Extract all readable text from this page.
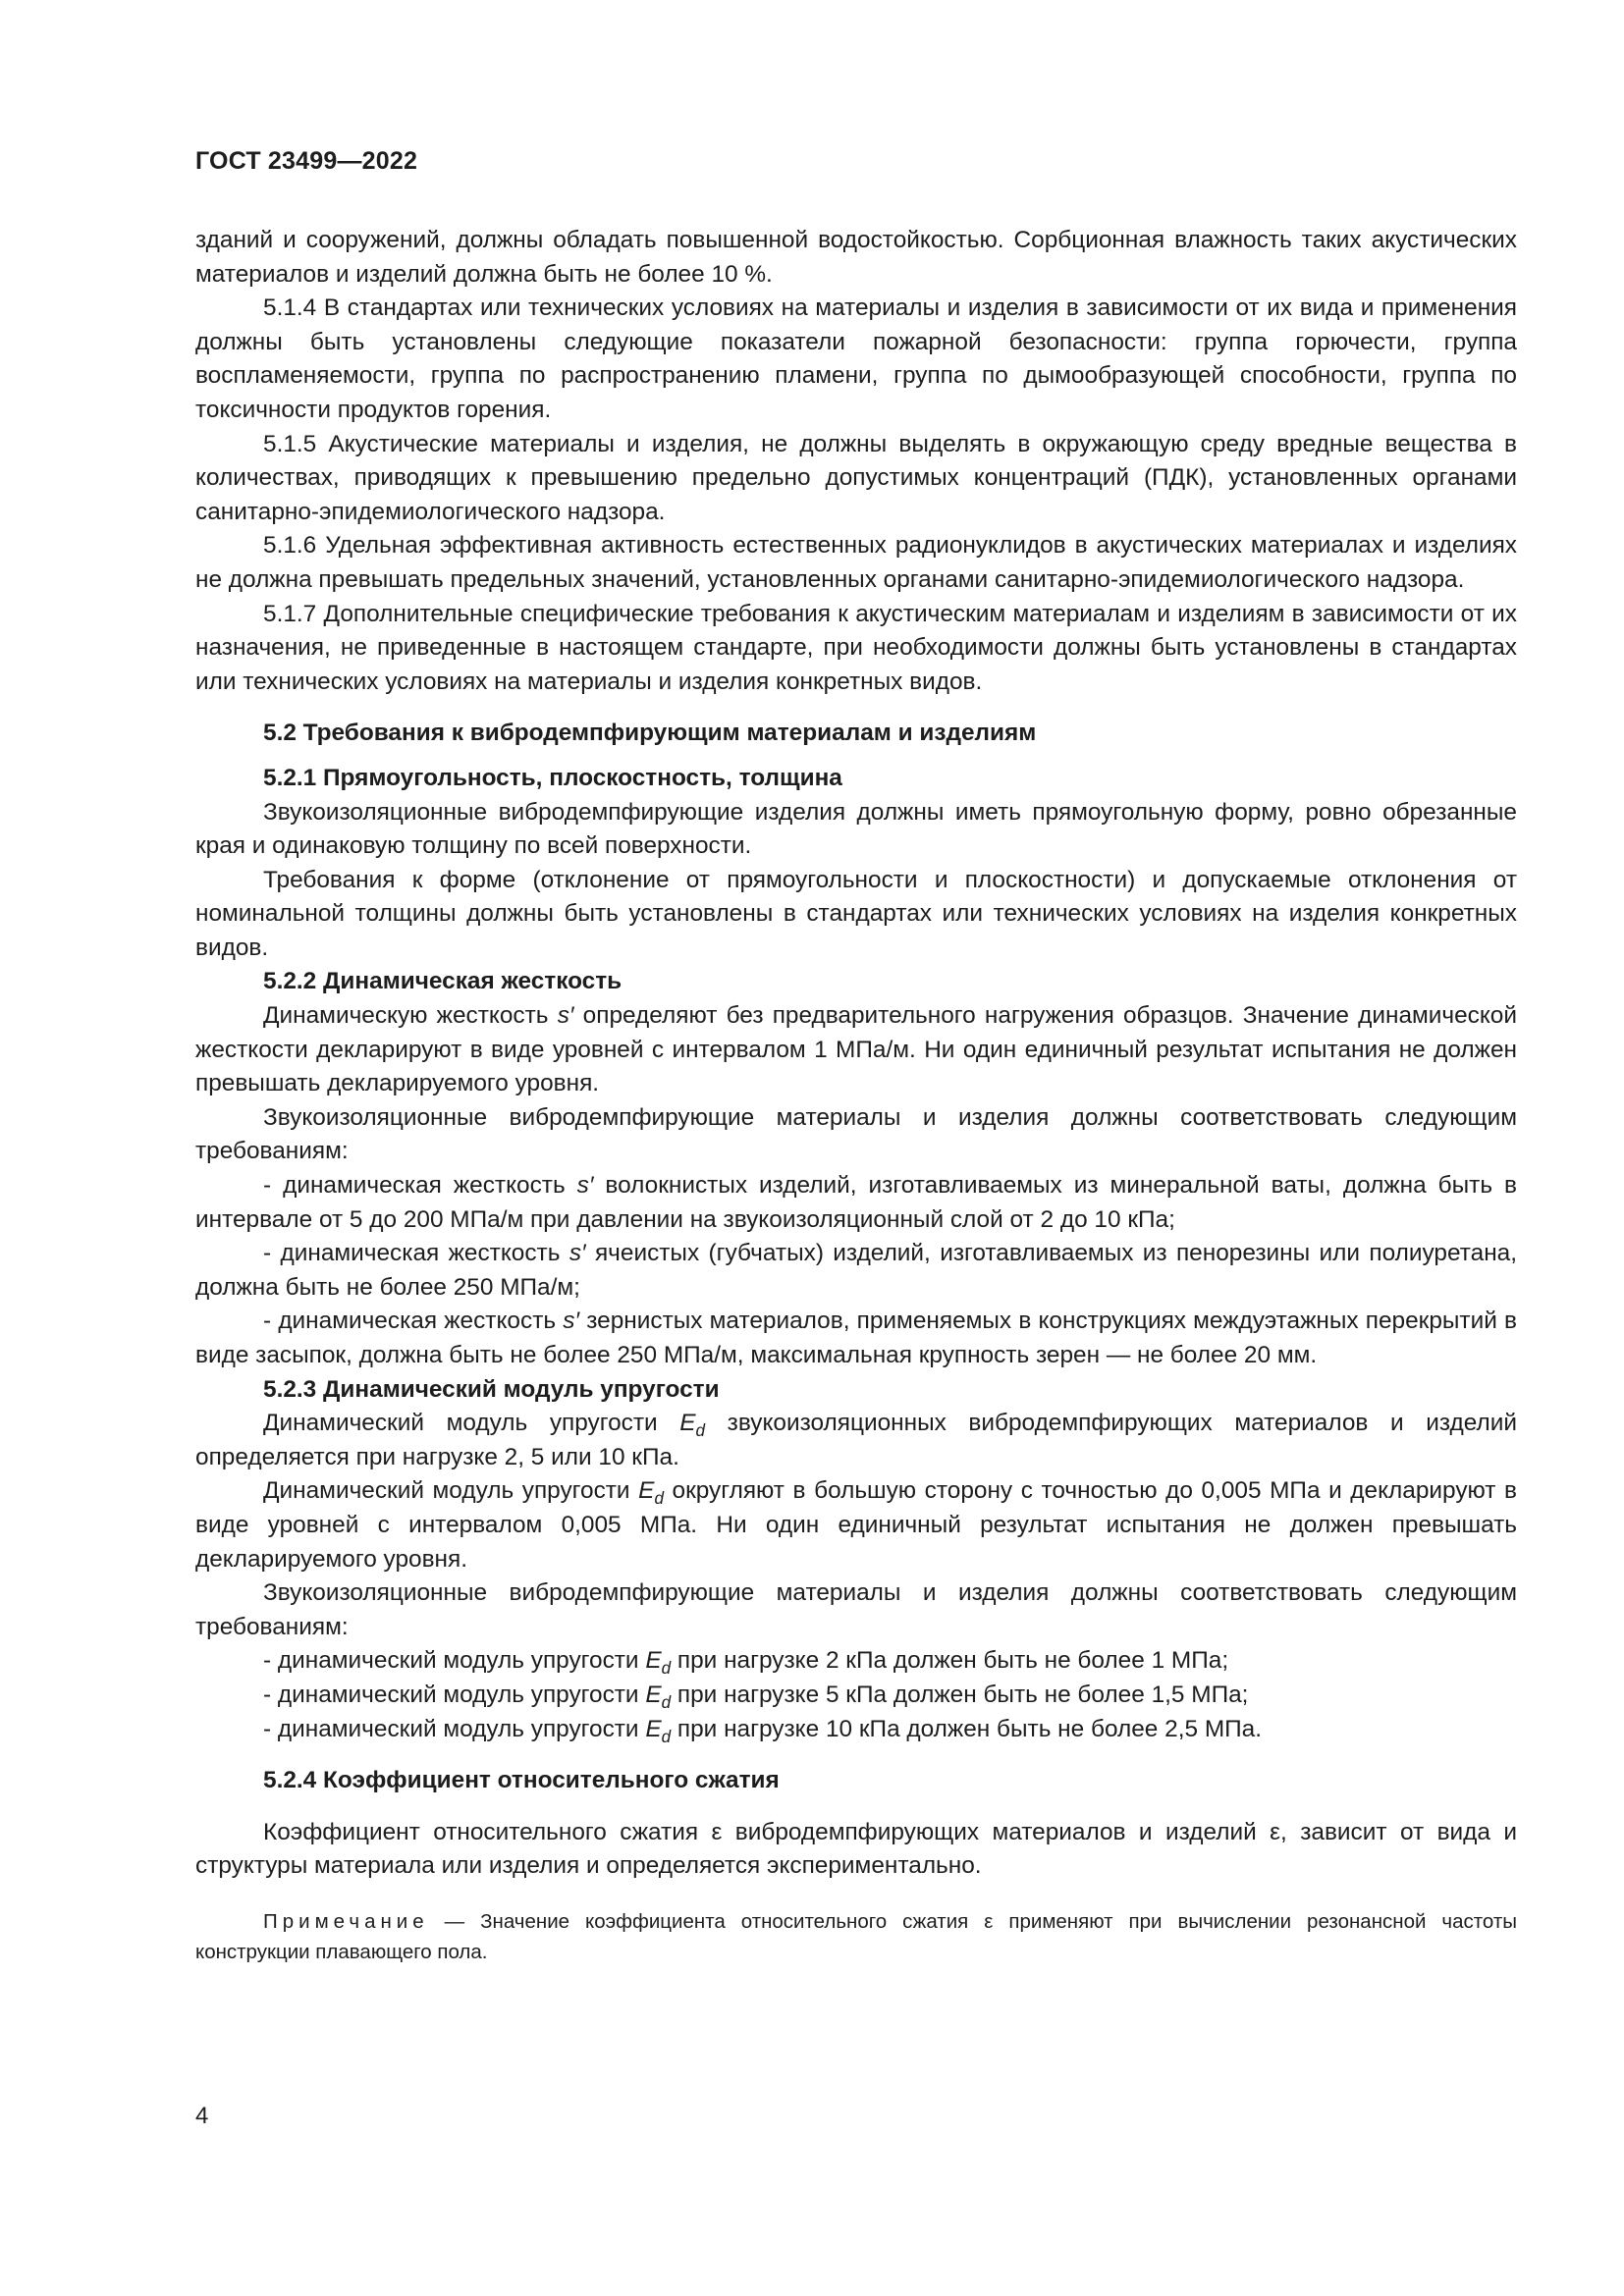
ГОСТ 23499—2022

зданий и сооружений, должны обладать повышенной водостойкостью. Сорбционная влажность таких акустических материалов и изделий должна быть не более 10 %.

5.1.4 В стандартах или технических условиях на материалы и изделия в зависимости от их вида и применения должны быть установлены следующие показатели пожарной безопасности: группа горючести, группа воспламеняемости, группа по распространению пламени, группа по дымообразующей способности, группа по токсичности продуктов горения.

5.1.5 Акустические материалы и изделия, не должны выделять в окружающую среду вредные вещества в количествах, приводящих к превышению предельно допустимых концентраций (ПДК), установленных органами санитарно-эпидемиологического надзора.

5.1.6 Удельная эффективная активность естественных радионуклидов в акустических материалах и изделиях не должна превышать предельных значений, установленных органами санитарно-эпидемиологического надзора.

5.1.7 Дополнительные специфические требования к акустическим материалам и изделиям в зависимости от их назначения, не приведенные в настоящем стандарте, при необходимости должны быть установлены в стандартах или технических условиях на материалы и изделия конкретных видов.

5.2 Требования к вибродемпфирующим материалам и изделиям

5.2.1 Прямоугольность, плоскостность, толщина

Звукоизоляционные вибродемпфирующие изделия должны иметь прямоугольную форму, ровно обрезанные края и одинаковую толщину по всей поверхности.

Требования к форме (отклонение от прямоугольности и плоскостности) и допускаемые отклонения от номинальной толщины должны быть установлены в стандартах или технических условиях на изделия конкретных видов.

5.2.2 Динамическая жесткость

Динамическую жесткость s′ определяют без предварительного нагружения образцов. Значение динамической жесткости декларируют в виде уровней с интервалом 1 МПа/м. Ни один единичный результат испытания не должен превышать декларируемого уровня.

Звукоизоляционные вибродемпфирующие материалы и изделия должны соответствовать следующим требованиям:

- динамическая жесткость s′ волокнистых изделий, изготавливаемых из минеральной ваты, должна быть в интервале от 5 до 200 МПа/м при давлении на звукоизоляционный слой от 2 до 10 кПа;

- динамическая жесткость s′ ячеистых (губчатых) изделий, изготавливаемых из пенорезины или полиуретана, должна быть не более 250 МПа/м;

- динамическая жесткость s′ зернистых материалов, применяемых в конструкциях междуэтажных перекрытий в виде засыпок, должна быть не более 250 МПа/м, максимальная крупность зерен — не более 20 мм.

5.2.3 Динамический модуль упругости

Динамический модуль упругости $E_d$ звукоизоляционных вибродемпфирующих материалов и изделий определяется при нагрузке 2, 5 или 10 кПа.

Динамический модуль упругости $E_d$ округляют в большую сторону с точностью до 0,005 МПа и декларируют в виде уровней с интервалом 0,005 МПа. Ни один единичный результат испытания не должен превышать декларируемого уровня.

Звукоизоляционные вибродемпфирующие материалы и изделия должны соответствовать следующим требованиям:

- динамический модуль упругости $E_d$ при нагрузке 2 кПа должен быть не более 1 МПа;

- динамический модуль упругости $E_d$ при нагрузке 5 кПа должен быть не более 1,5 МПа;

- динамический модуль упругости $E_d$ при нагрузке 10 кПа должен быть не более 2,5 МПа.

5.2.4 Коэффициент относительного сжатия

Коэффициент относительного сжатия ε вибродемпфирующих материалов и изделий ε, зависит от вида и структуры материала или изделия и определяется экспериментально.

Примечание — Значение коэффициента относительного сжатия ε применяют при вычислении резонансной частоты конструкции плавающего пола.

4
